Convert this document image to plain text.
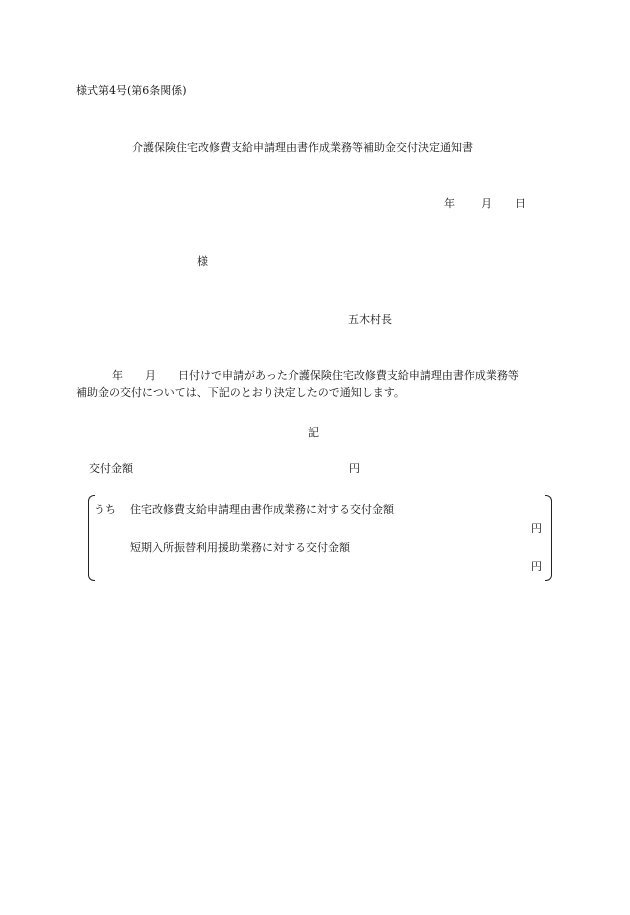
様式第4号(第6条関係)
介護保険住宅改修費支給申請理由書作成業務等補助金交付決定通知書
年 月 日
様
五木村長
年　　月　　日付けで申請があった介護保険住宅改修費支給申請理由書作成業務等
補助金の交付については、下記のとおり決定したので通知します。
記
交付金額	円
うち 住宅改修費支給申請理由書作成業務に対する交付金額
円
短期入所振替利用援助業務に対する交付金額
円
